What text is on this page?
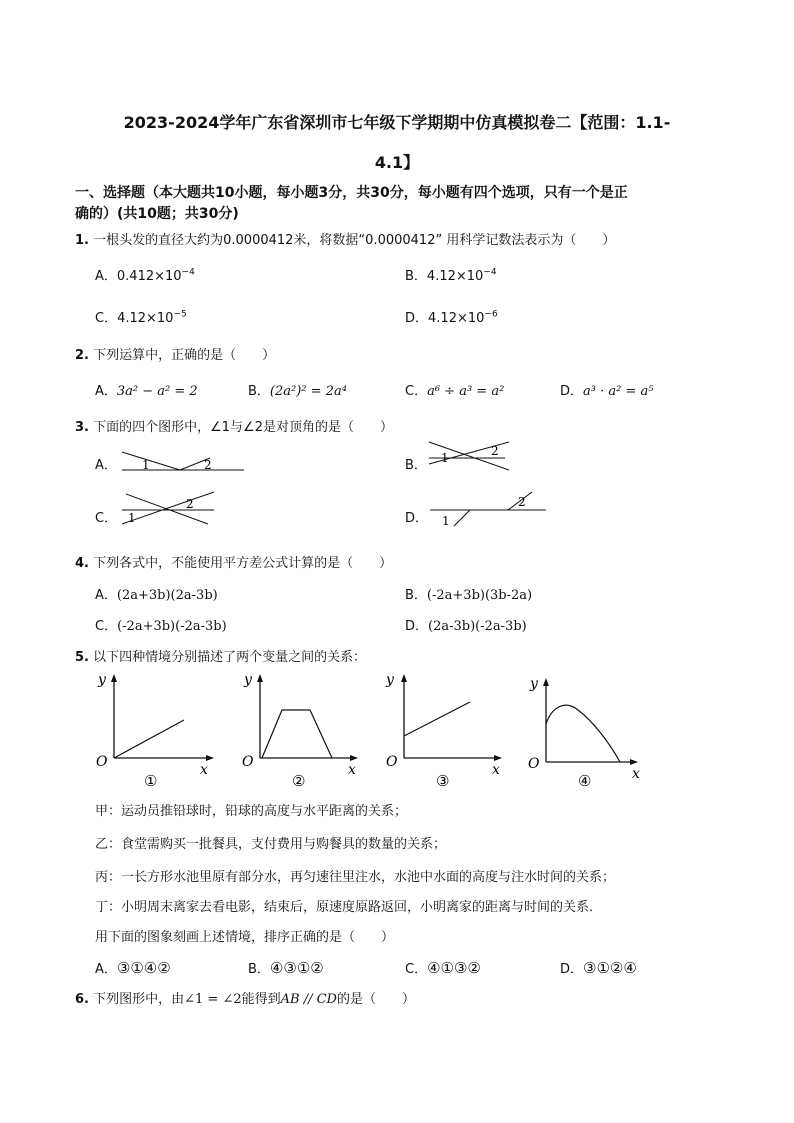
2023-2024学年广东省深圳市七年级下学期期中仿真模拟卷二【范围：1.1-
4.1】
一、选择题（本大题共10小题，每小题3分，共30分，每小题有四个选项，只有一个是正
确的）(共10题；共30分)
1. 一根头发的直径大约为0.0000412米，将数据“0.0000412” 用科学记数法表示为（　　）
A．$0.412\times 10^{-4}$	B．$4.12\times 10^{-4}$
C．$4.12\times 10^{-5}$	D．$4.12\times 10^{-6}$
2. 下列运算中，正确的是（　　）
A．3a² − a² = 2	B．(2a²)² = 2a⁴	C．a⁶ ÷ a³ = a²	D．a³ · a² = a⁵
3. 下面的四个图形中，∠1与∠2是对顶角的是（　　）
A． 1	2	B． 1	2
C． 1
2
D． 1
2
4. 下列各式中，不能使用平方差公式计算的是（　　）
A．(2a+3b)(2a-3b)	B．(-2a+3b)(3b-2a)
C．(-2a+3b)(-2a-3b)	D．(2a-3b)(-2a-3b)
5. 以下四种情境分别描述了两个变量之间的关系：
y
x
O
①
y
x
O
②
y
x
O
③
y
x
O
④
甲：运动员推铅球时，铅球的高度与水平距离的关系；
乙：食堂需购买一批餐具，支付费用与购餐具的数量的关系；
丙：一长方形水池里原有部分水，再匀速往里注水，水池中水面的高度与注水时间的关系；
丁：小明周末离家去看电影，结束后，原速度原路返回，小明离家的距离与时间的关系．
用下面的图象刻画上述情境，排序正确的是（　　）
A．③①④②	B．④③①②	C．④①③②	D．③①②④
6. 下列图形中，由∠1 = ∠2能得到AB // CD的是（　　）
